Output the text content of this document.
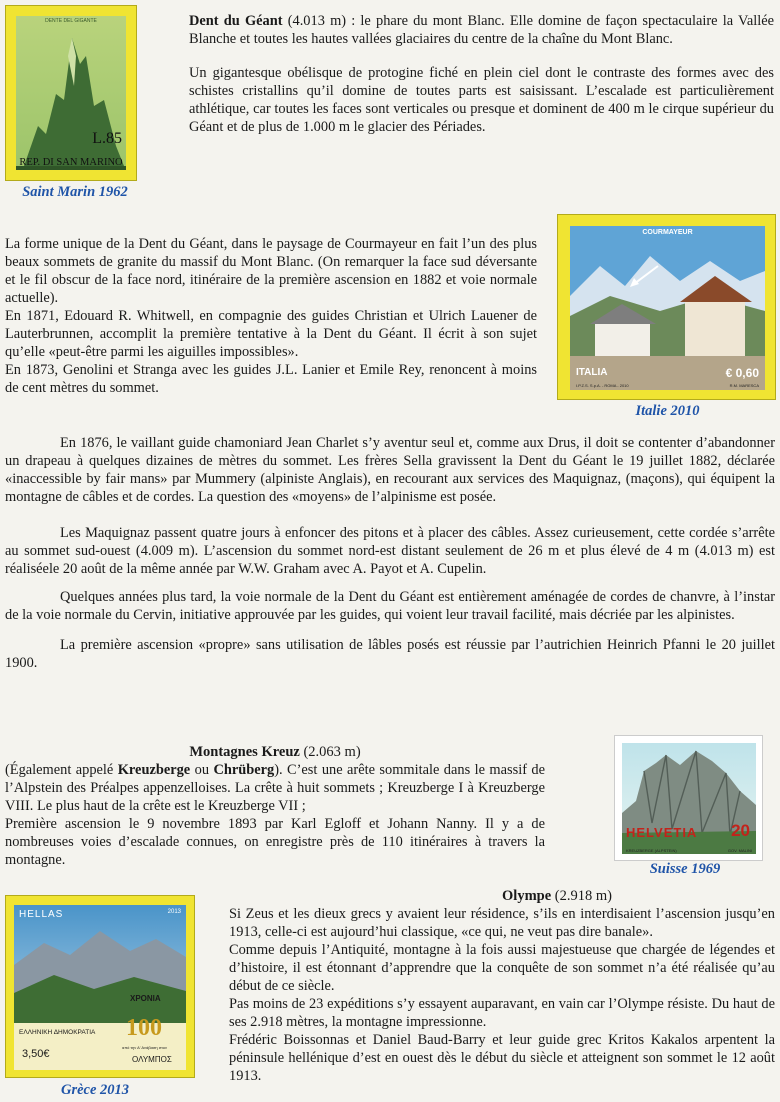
DENTE DEL GIGANTE
L.85
REP. DI SAN MARINO
Saint Marin 1962

Dent du Géant (4.013 m) : le phare du mont Blanc. Elle domine de façon spectaculaire la Vallée Blanche et toutes les hautes vallées glaciaires du centre de la chaîne du Mont Blanc.

Un gigantesque obélisque de protogine fiché en plein ciel dont le contraste des formes avec des schistes cristallins qu’il domine de toutes parts est saisissant. L’escalade est particulièrement athlétique, car toutes les faces sont verticales ou presque et dominent de 400 m le cirque supérieur du Géant et de plus de 1.000 m le glacier des Périades.

COURMAYEUR
ITALIA	€ 0,60
I.P.Z.S. S.p.A. - ROMA - 2010	R.M. MARESCA
Italie 2010

La forme unique de la Dent du Géant, dans le paysage de Courmayeur en fait l’un des plus beaux sommets de granite du massif du Mont Blanc. (On remarquer la face sud déversante et le fil obscur de la face nord, itinéraire de la première ascension en 1882 et voie normale actuelle).

En 1871, Edouard R. Whitwell, en compagnie des guides Christian et Ulrich Lauener de Lauterbrunnen, accomplit la première tentative à la Dent du Géant. Il écrit à son sujet qu’elle «peut-être parmi les aiguilles impossibles».

En 1873, Genolini et Stranga avec les guides J.L. Lanier et Emile Rey, renoncent à moins de cent mètres du sommet.

En 1876, le vaillant guide chamoniard Jean Charlet s’y aventur seul et, comme aux Drus, il doit se contenter d’abandonner un drapeau à quelques dizaines de mètres du sommet. Les frères Sella gravissent la Dent du Géant le 19 juillet 1882, déclarée «inaccessible by fair mans» par Mummery (alpiniste Anglais), en recourant aux services des Maquignaz, (maçons), qui équipent la montagne de câbles et de cordes. La question des «moyens» de l’alpinisme est posée.

Les Maquignaz passent quatre jours à enfoncer des pitons et à placer des câbles. Assez curieusement, cette cordée s’arrête au sommet sud-ouest (4.009 m). L’ascension du sommet nord-est distant seulement de 26 m et plus élevé de 4 m (4.013 m) est réaliséele 20 août de la même année par W.W. Graham avec A. Payot et A. Cupelin.

Quelques années plus tard, la voie normale de la Dent du Géant est entièrement aménagée de cordes de chanvre, à l’instar de la voie normale du Cervin, initiative approuvée par les guides, qui voient leur travail facilité, mais décriée par les alpinistes.

La première ascension «propre» sans utilisation de lâbles posés est réussie par l’autrichien Heinrich Pfanni le 20 juillet 1900.

Montagnes Kreuz (2.063 m)

(Également appelé Kreuzberge ou Chrüberg). C’est une arête sommitale dans le massif de l’Alpstein des Préalpes appenzelloises. La crête à huit sommets ; Kreuzberge I à Kreuzberge VIII. Le plus haut de la crête est le Kreuzberge VII ;

Première ascension le 9 novembre 1893 par Karl Egloff et Johann Nanny. Il y a de nombreuses voies d’escalade connues, on enregistre près de 110 itinéraires à travers la montagne.

HELVETIA 20
KREUZBERGE (ALPSTEIN)	GOV. MALINI
Suisse 1969
HELLAS	2013
100
ΧΡΟΝΙΑ
ΕΛΛΗΝΙΚΗ ΔΗΜΟΚΡΑΤΙΑ
3,50€
από την Α' Ανάβαση στον
ΟΛΥΜΠΟΣ
Grèce 2013
Olympe (2.918 m)

Si Zeus et les dieux grecs y avaient leur résidence, s’ils en interdisaient l’ascension jusqu’en 1913, celle-ci est aujourd’hui classique, «ce qui, ne veut pas dire banale».

Comme depuis l’Antiquité, montagne à la fois aussi majestueuse que chargée de légendes et d’histoire, il est étonnant d’apprendre que la conquête de son sommet n’a été réalisée qu’au début de ce siècle.

Pas moins de 23 expéditions s’y essayent auparavant, en vain car l’Olympe résiste. Du haut de ses 2.918 mètres, la montagne impressionne.

Frédéric Boissonnas et Daniel Baud-Barry et leur guide grec Kritos Kakalos arpentent la péninsule hellénique d’est en ouest dès le début du siècle et atteignent son sommet le 12 août 1913.
